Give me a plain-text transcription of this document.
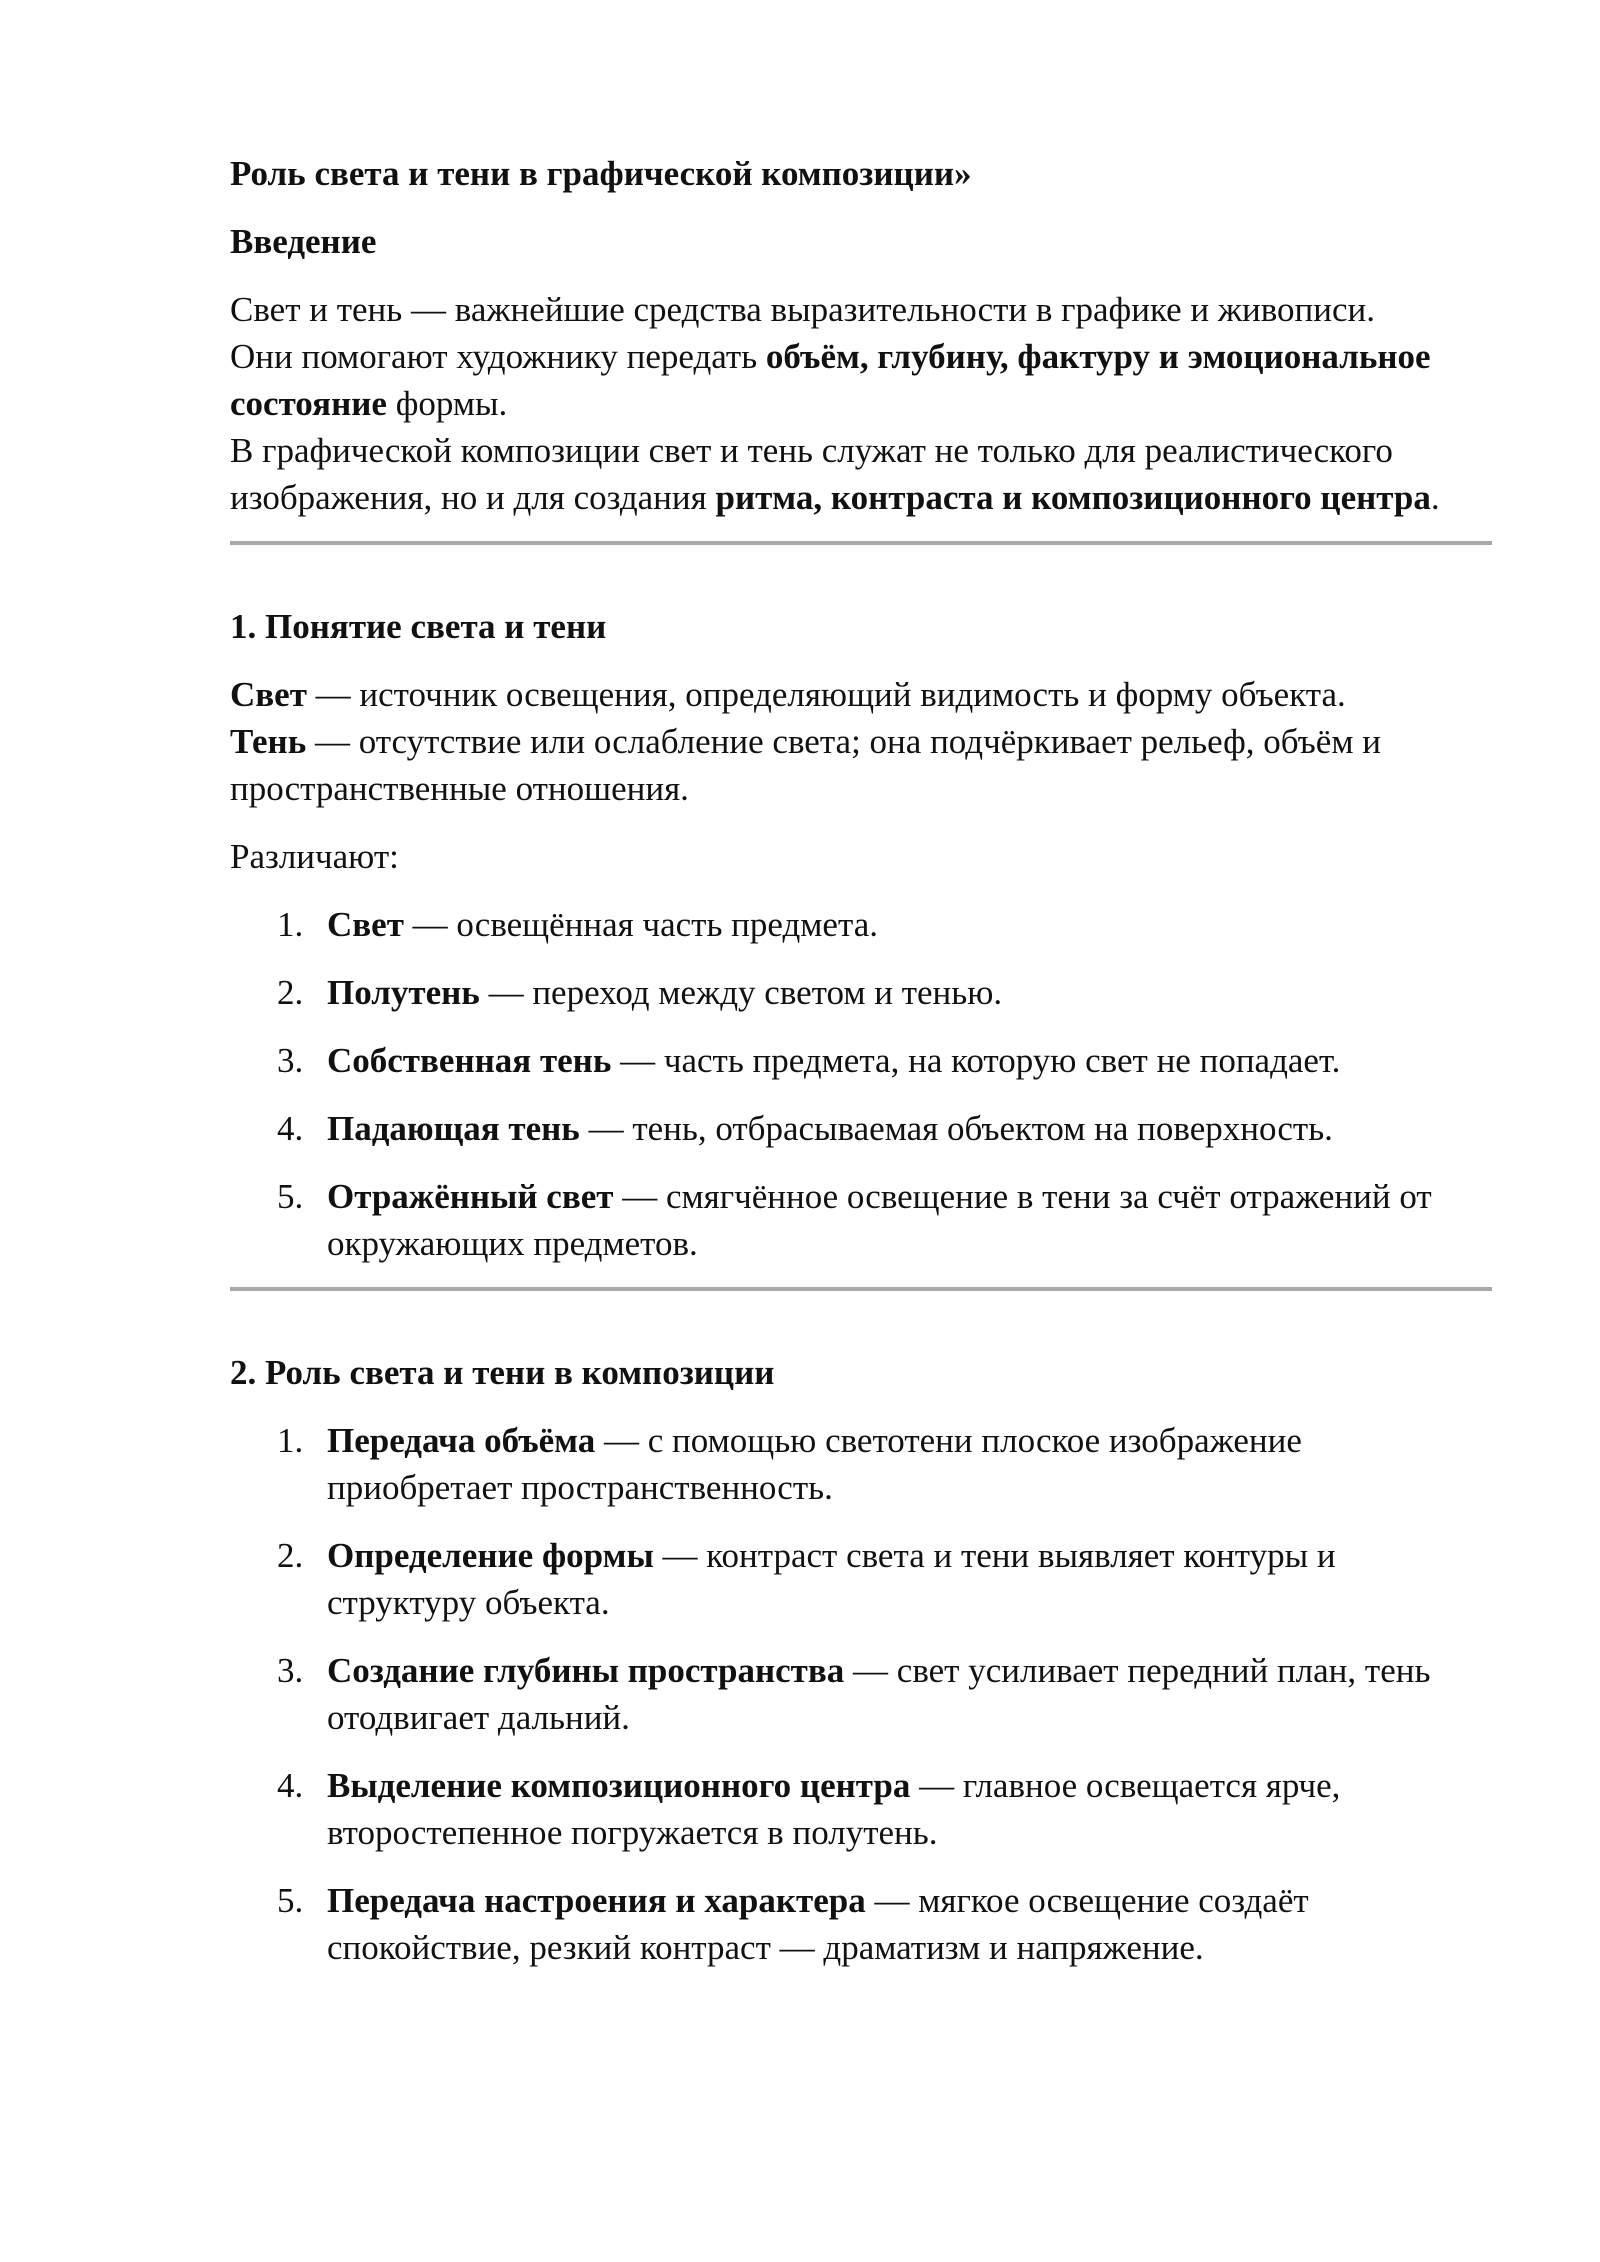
Роль света и тени в графической композиции»

Введение

Свет и тень — важнейшие средства выразительности в графике и живописи.
Они помогают художнику передать объём, глубину, фактуру и эмоциональное состояние формы.
В графической композиции свет и тень служат не только для реалистического изображения, но и для создания ритма, контраста и композиционного центра.

1. Понятие света и тени

Свет — источник освещения, определяющий видимость и форму объекта.
Тень — отсутствие или ослабление света; она подчёркивает рельеф, объём и пространственные отношения.

Различают:

1. Свет — освещённая часть предмета.
2. Полутень — переход между светом и тенью.
3. Собственная тень — часть предмета, на которую свет не попадает.
4. Падающая тень — тень, отбрасываемая объектом на поверхность.
5. Отражённый свет — смягчённое освещение в тени за счёт отражений от окружающих предметов.

2. Роль света и тени в композиции

1. Передача объёма — с помощью светотени плоское изображение приобретает пространственность.
2. Определение формы — контраст света и тени выявляет контуры и структуру объекта.
3. Создание глубины пространства — свет усиливает передний план, тень отодвигает дальний.
4. Выделение композиционного центра — главное освещается ярче, второстепенное погружается в полутень.
5. Передача настроения и характера — мягкое освещение создаёт спокойствие, резкий контраст — драматизм и напряжение.
